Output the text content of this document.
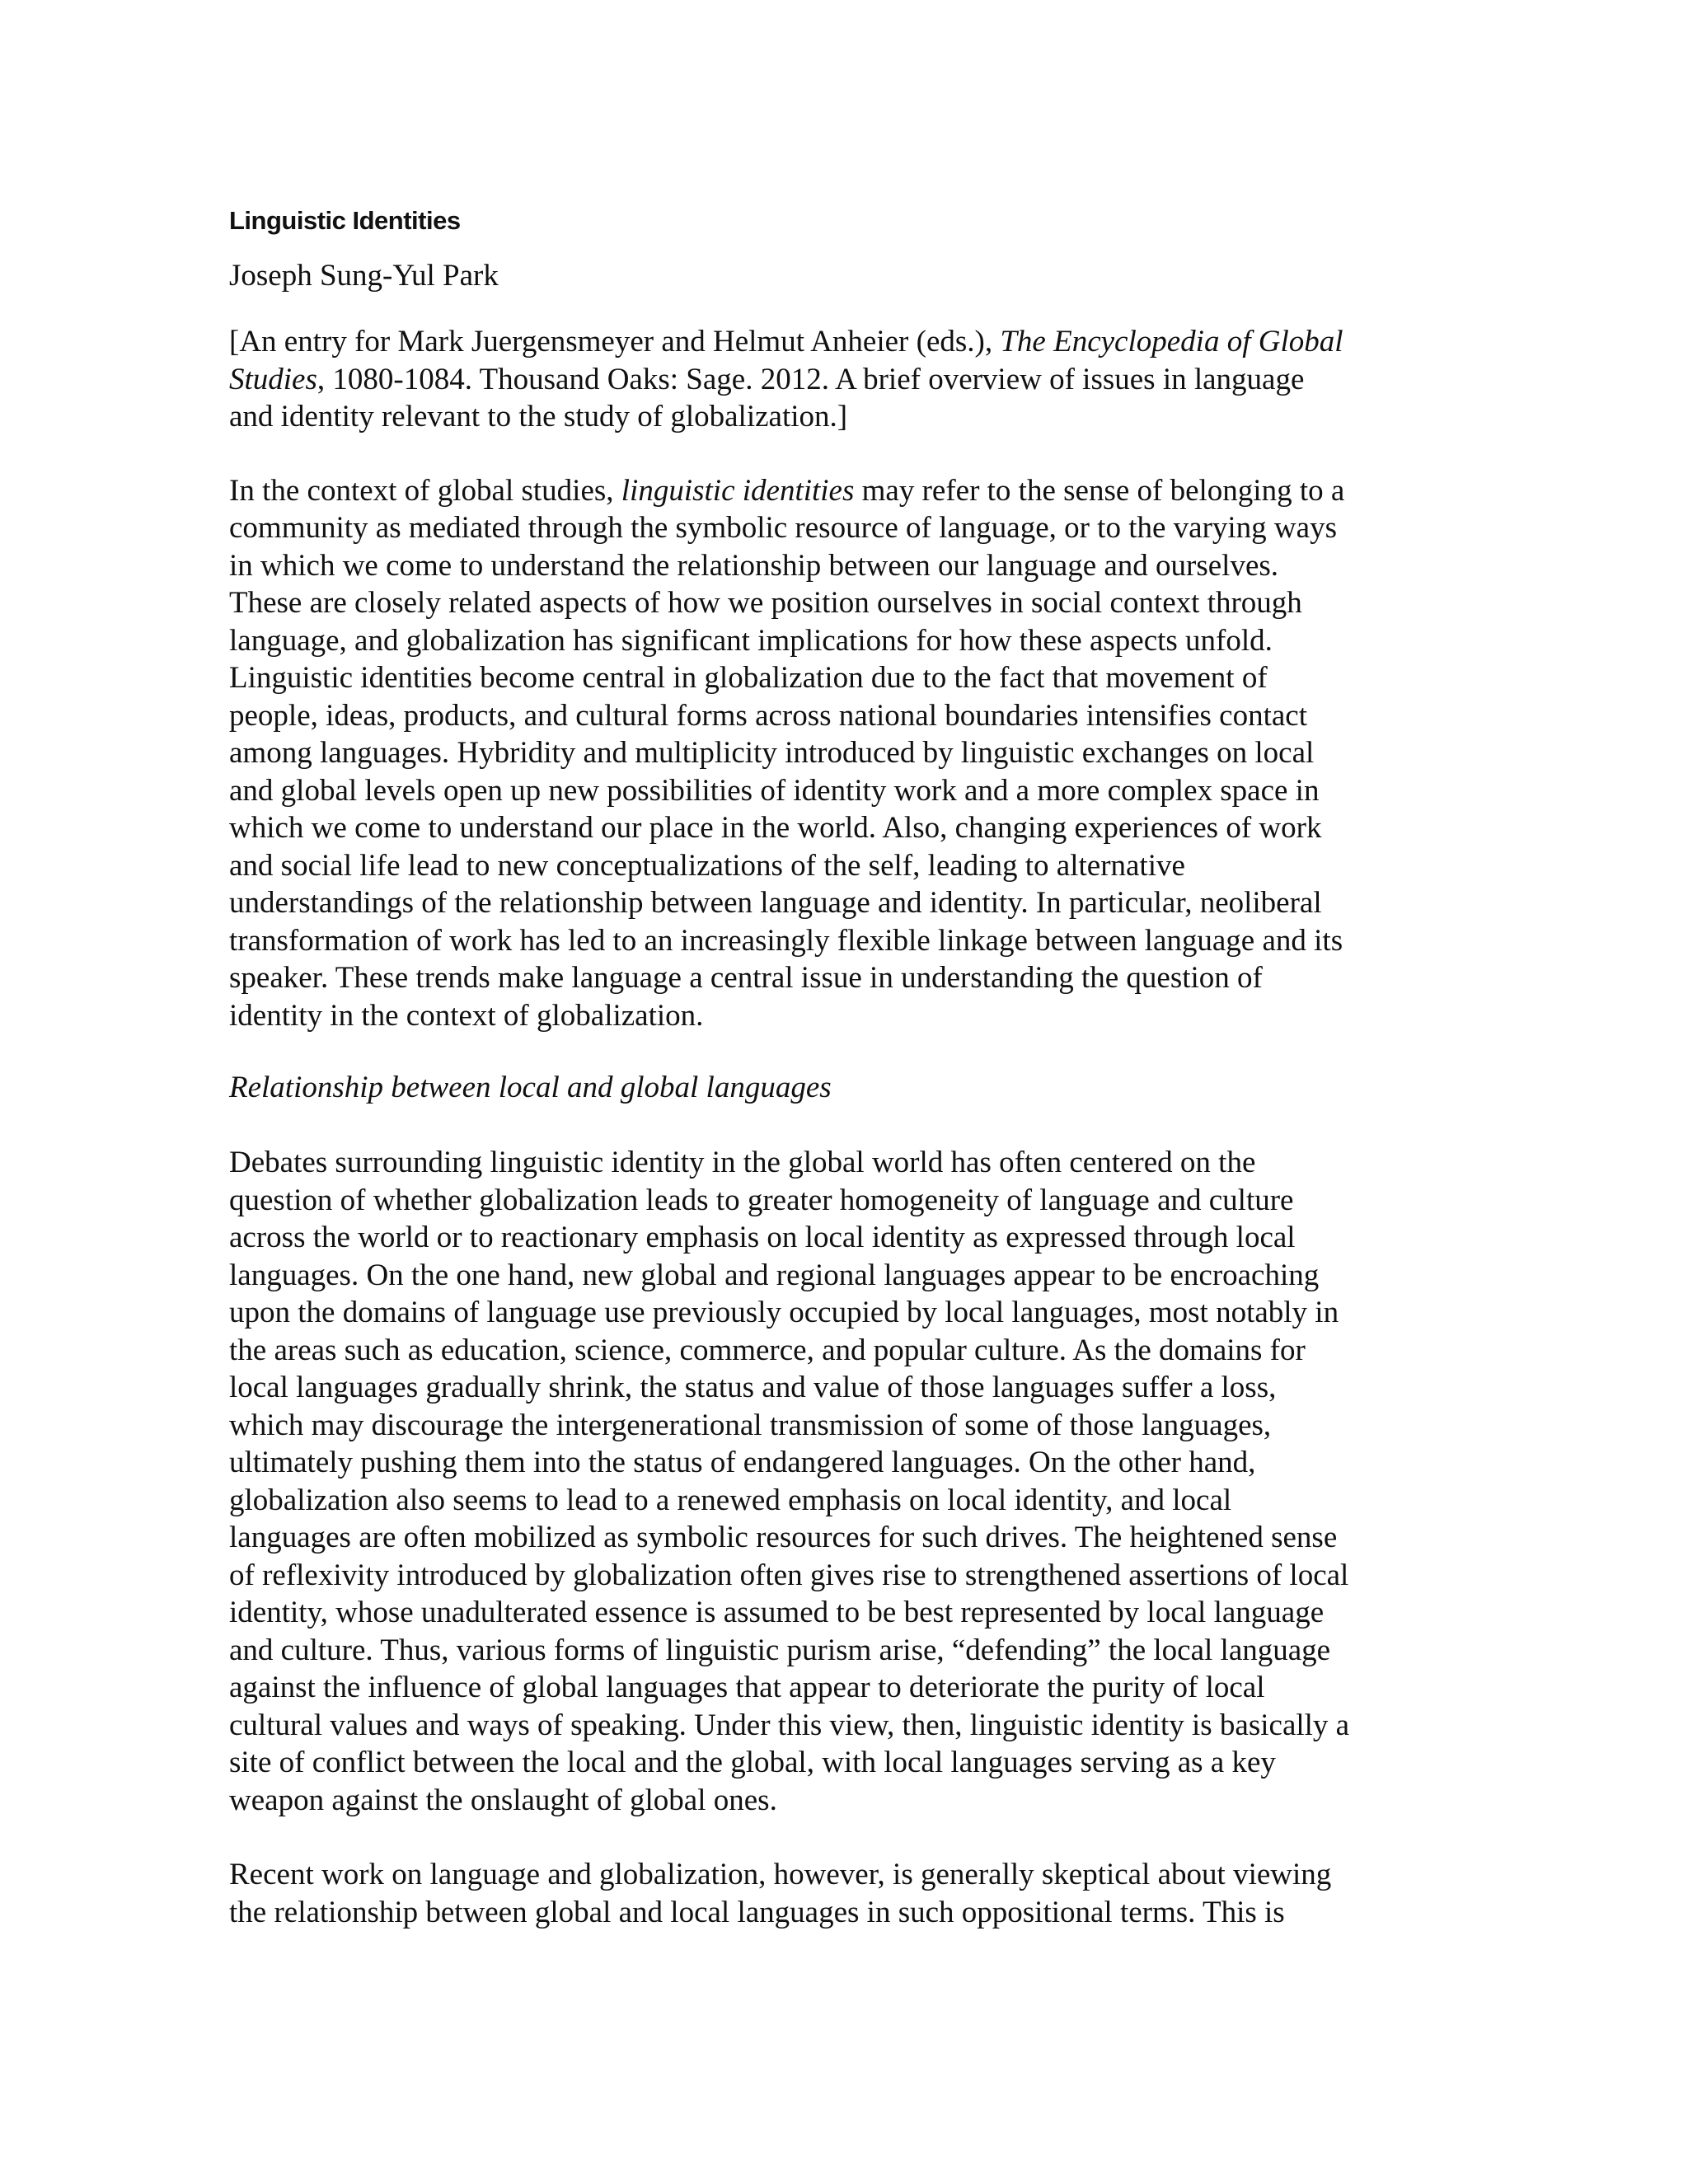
Linguistic Identities
Joseph Sung-Yul Park

[An entry for Mark Juergensmeyer and Helmut Anheier (eds.), The Encyclopedia of Global
Studies, 1080-1084. Thousand Oaks: Sage. 2012. A brief overview of issues in language
and identity relevant to the study of globalization.]

In the context of global studies, linguistic identities may refer to the sense of belonging to a
community as mediated through the symbolic resource of language, or to the varying ways
in which we come to understand the relationship between our language and ourselves.
These are closely related aspects of how we position ourselves in social context through
language, and globalization has significant implications for how these aspects unfold.
Linguistic identities become central in globalization due to the fact that movement of
people, ideas, products, and cultural forms across national boundaries intensifies contact
among languages. Hybridity and multiplicity introduced by linguistic exchanges on local
and global levels open up new possibilities of identity work and a more complex space in
which we come to understand our place in the world. Also, changing experiences of work
and social life lead to new conceptualizations of the self, leading to alternative
understandings of the relationship between language and identity. In particular, neoliberal
transformation of work has led to an increasingly flexible linkage between language and its
speaker. These trends make language a central issue in understanding the question of
identity in the context of globalization.

Relationship between local and global languages

Debates surrounding linguistic identity in the global world has often centered on the
question of whether globalization leads to greater homogeneity of language and culture
across the world or to reactionary emphasis on local identity as expressed through local
languages. On the one hand, new global and regional languages appear to be encroaching
upon the domains of language use previously occupied by local languages, most notably in
the areas such as education, science, commerce, and popular culture. As the domains for
local languages gradually shrink, the status and value of those languages suffer a loss,
which may discourage the intergenerational transmission of some of those languages,
ultimately pushing them into the status of endangered languages. On the other hand,
globalization also seems to lead to a renewed emphasis on local identity, and local
languages are often mobilized as symbolic resources for such drives. The heightened sense
of reflexivity introduced by globalization often gives rise to strengthened assertions of local
identity, whose unadulterated essence is assumed to be best represented by local language
and culture. Thus, various forms of linguistic purism arise, “defending” the local language
against the influence of global languages that appear to deteriorate the purity of local
cultural values and ways of speaking. Under this view, then, linguistic identity is basically a
site of conflict between the local and the global, with local languages serving as a key
weapon against the onslaught of global ones.

Recent work on language and globalization, however, is generally skeptical about viewing
the relationship between global and local languages in such oppositional terms. This is
